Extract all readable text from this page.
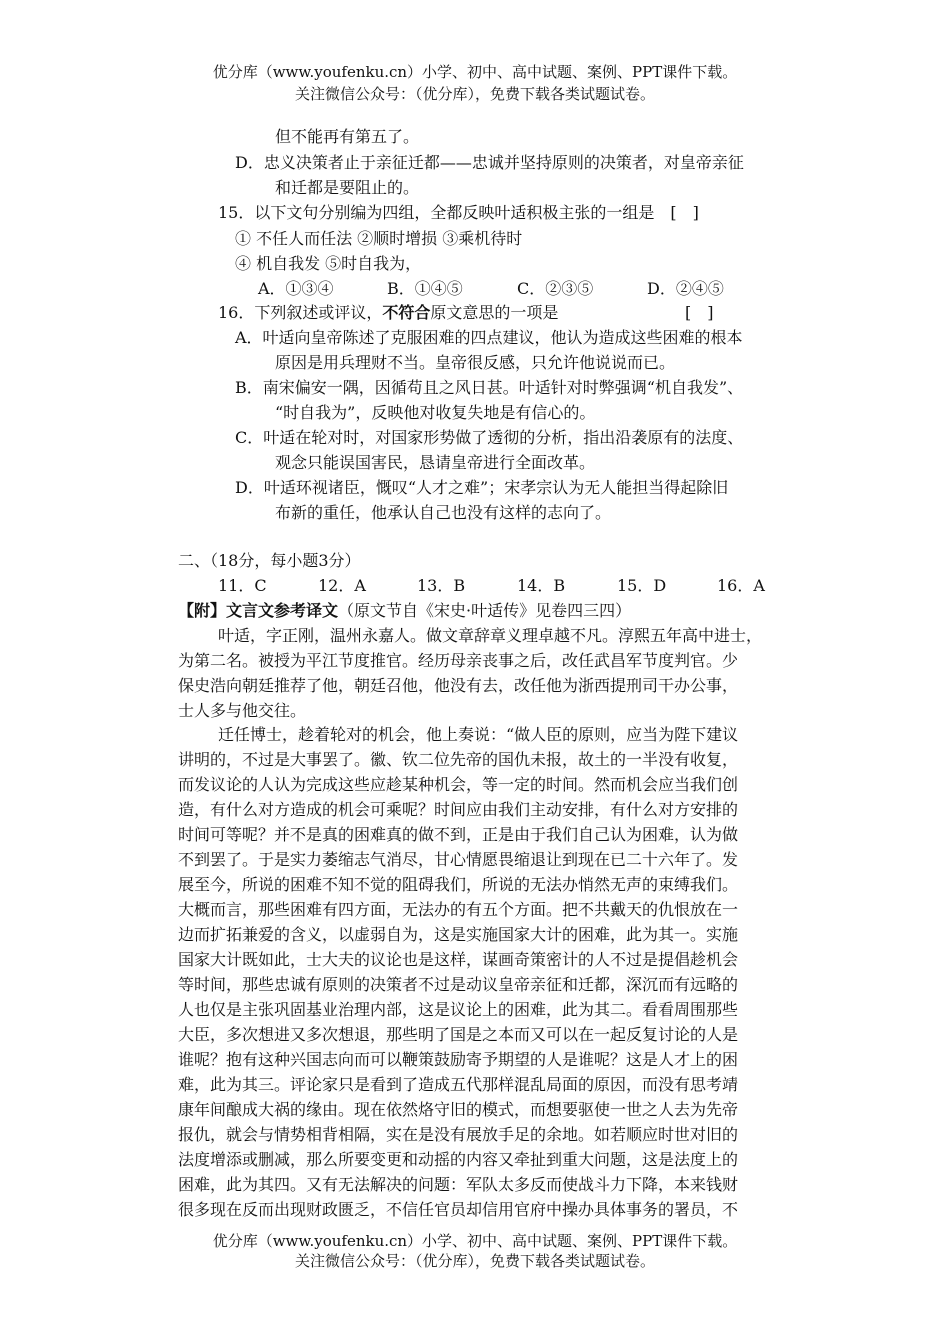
优分库（www.youfenku.cn）小学、初中、高中试题、案例、PPT课件下载。
关注微信公众号：（优分库），免费下载各类试题试卷。
但不能再有第五了。
D．忠义决策者止于亲征迁都——忠诚并坚持原则的决策者，对皇帝亲征
和迁都是要阻止的。
15．以下文句分别编为四组，全都反映叶适积极主张的一组是　[　]
① 不任人而任法 ②顺时增损 ③乘机待时
④ 机自我发 ⑤时自我为，
A．①③④	B．①④⑤	C．②③⑤	D．②④⑤
16．下列叙述或评议，不符合原文意思的一项是	[　]
A．叶适向皇帝陈述了克服困难的四点建议，他认为造成这些困难的根本
原因是用兵理财不当。皇帝很反感，只允许他说说而已。
B．南宋偏安一隅，因循苟且之风日甚。叶适针对时弊强调“机自我发”、
“时自我为”，反映他对收复失地是有信心的。
C．叶适在轮对时，对国家形势做了透彻的分析，指出沿袭原有的法度、
观念只能误国害民，恳请皇帝进行全面改革。
D．叶适环视诸臣，慨叹“人才之难”；宋孝宗认为无人能担当得起除旧
布新的重任，他承认自己也没有这样的志向了。
二、（18分，每小题3分）
11．C	12．A	13．B	14．B	15．D	16．A
【附】文言文参考译文（原文节自《宋史·叶适传》见卷四三四）
叶适，字正刚，温州永嘉人。做文章辞章义理卓越不凡。淳熙五年高中进士，
为第二名。被授为平江节度推官。经历母亲丧事之后，改任武昌军节度判官。少
保史浩向朝廷推荐了他，朝廷召他，他没有去，改任他为浙西提刑司干办公事，
士人多与他交往。
迁任博士，趁着轮对的机会，他上奏说：“做人臣的原则，应当为陛下建议
讲明的，不过是大事罢了。徽、钦二位先帝的国仇未报，故土的一半没有收复，
而发议论的人认为完成这些应趁某种机会，等一定的时间。然而机会应当我们创
造，有什么对方造成的机会可乘呢？时间应由我们主动安排，有什么对方安排的
时间可等呢？并不是真的困难真的做不到，正是由于我们自己认为困难，认为做
不到罢了。于是实力萎缩志气消尽，甘心情愿畏缩退让到现在已二十六年了。发
展至今，所说的困难不知不觉的阻碍我们，所说的无法办悄然无声的束缚我们。
大概而言，那些困难有四方面，无法办的有五个方面。把不共戴天的仇恨放在一
边而扩拓兼爱的含义，以虚弱自为，这是实施国家大计的困难，此为其一。实施
国家大计既如此，士大夫的议论也是这样，谋画奇策密计的人不过是提倡趁机会
等时间，那些忠诚有原则的决策者不过是动议皇帝亲征和迁都，深沉而有远略的
人也仅是主张巩固基业治理内部，这是议论上的困难，此为其二。看看周围那些
大臣，多次想进又多次想退，那些明了国是之本而又可以在一起反复讨论的人是
谁呢？抱有这种兴国志向而可以鞭策鼓励寄予期望的人是谁呢？这是人才上的困
难，此为其三。评论家只是看到了造成五代那样混乱局面的原因，而没有思考靖
康年间酿成大祸的缘由。现在依然烙守旧的模式，而想要驱使一世之人去为先帝
报仇，就会与情势相背相隔，实在是没有展放手足的余地。如若顺应时世对旧的
法度增添或删减，那么所要变更和动摇的内容又牵扯到重大问题，这是法度上的
困难，此为其四。又有无法解决的问题：军队太多反而使战斗力下降，本来钱财
很多现在反而出现财政匮乏，不信任官员却信用官府中操办具体事务的署员，不
优分库（www.youfenku.cn）小学、初中、高中试题、案例、PPT课件下载。
关注微信公众号：（优分库），免费下载各类试题试卷。
